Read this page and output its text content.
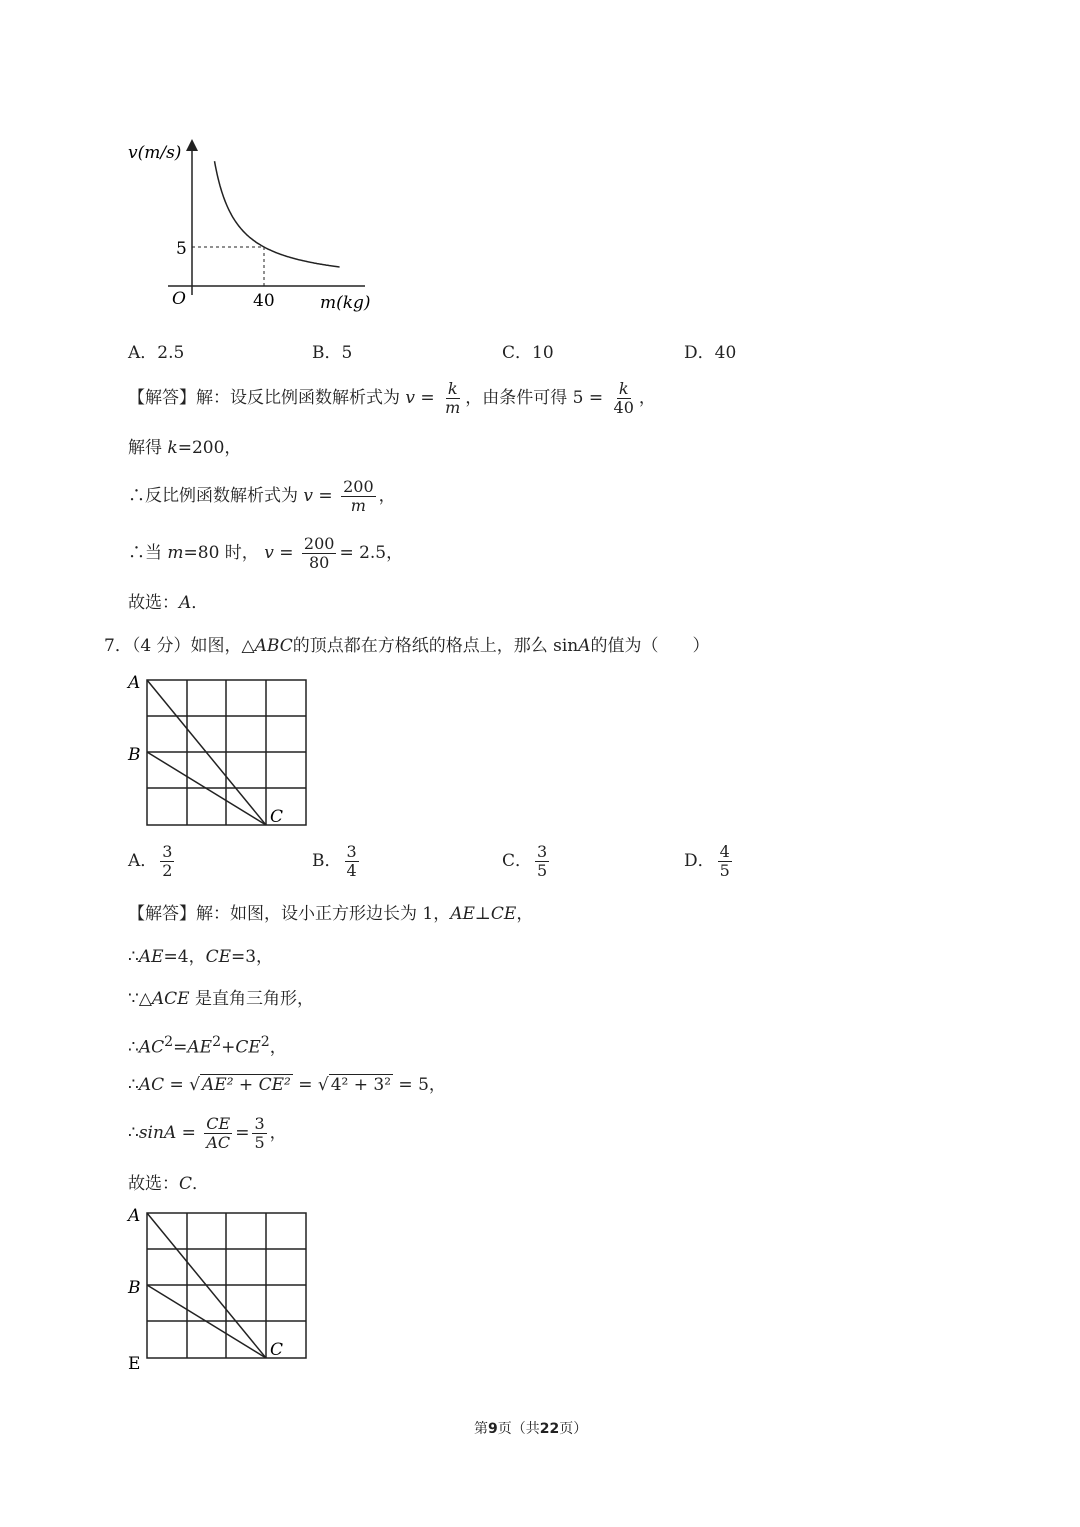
v(m/s)
m(kg)
O
5
40
A．2.5	B．5	C．10	D．40
【解答】解：设反比例函数解析式为 $v = \frac{k}{m}$ ，由条件可得 $5 = \frac{k}{40}$ ，
解得 k=200，
∴反比例函数解析式为 $v = \frac{200}{m}$ ，
∴当 m=80 时， $v = \frac{200}{80} = 2.5$，
故选：A．
7．（4 分）如图，△ABC的顶点都在方格纸的格点上，那么 sinA的值为（　　）
A
B
C
A． $\frac{3}{2}$	B． $\frac{3}{4}$	C． $\frac{3}{5}$	D． $\frac{4}{5}$
【解答】解：如图，设小正方形边长为 1，AE⊥CE，
∴AE=4，CE=3，
∵△ACE 是直角三角形，
$\therefore AC^2=AE^2+CE^2$，
∴AC = √ AE² + CE² = √ 4² + 3² = 5，
∴sinA = $\frac{CE}{AC} = \frac{3}{5}$ ，
故选：C．
A
B
C
E
第9页（共22页）
